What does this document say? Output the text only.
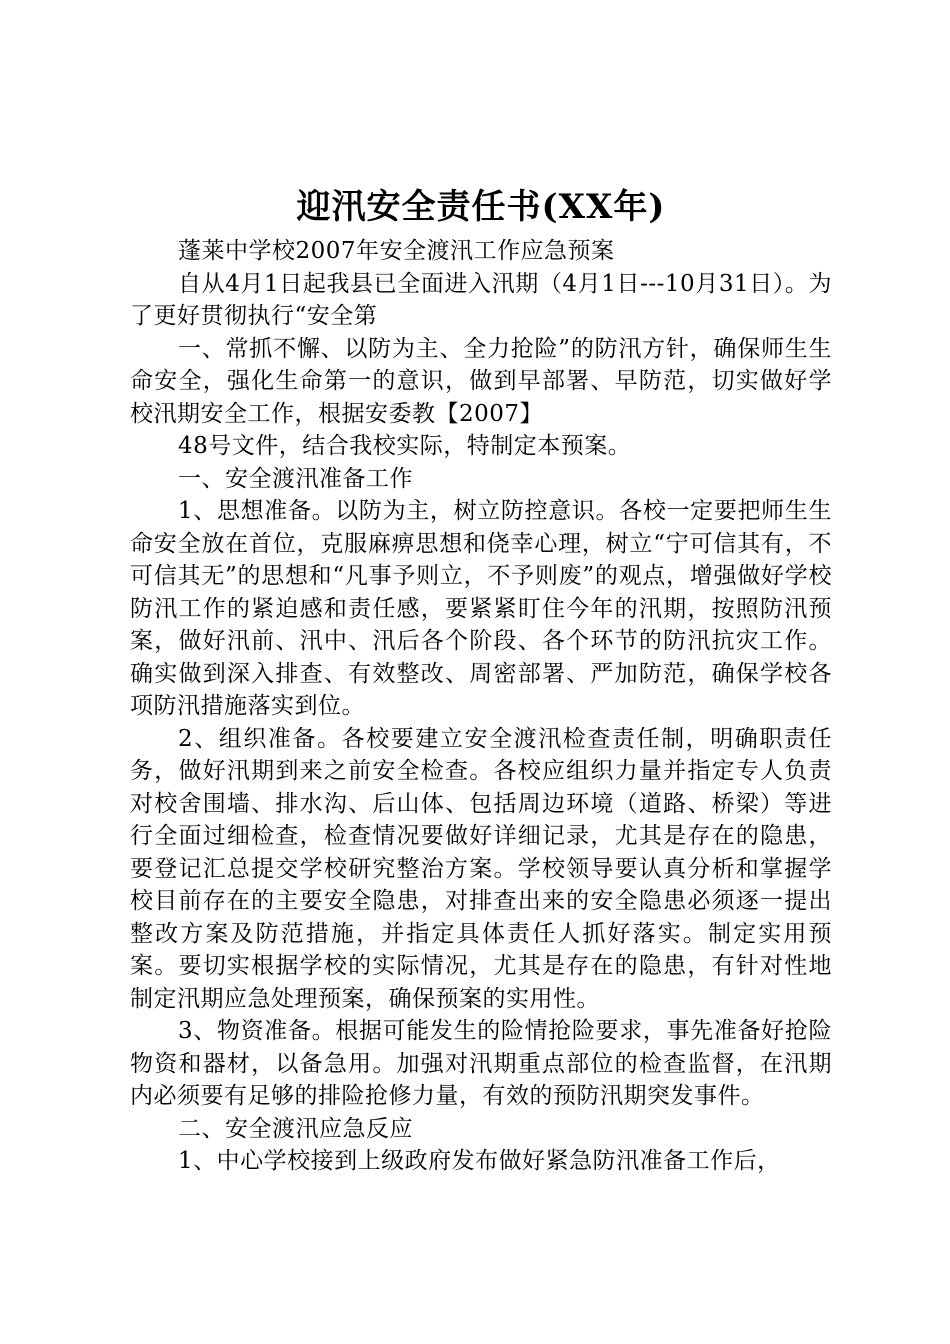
迎汛安全责任书(XX年)

蓬莱中学校2007年安全渡汛工作应急预案

自从4月1日起我县已全面进入汛期（4月1日---10月31日）。为了更好贯彻执行“安全第

一、常抓不懈、以防为主、全力抢险”的防汛方针，确保师生生命安全，强化生命第一的意识，做到早部署、早防范，切实做好学校汛期安全工作，根据安委教【2007】

48号文件，结合我校实际，特制定本预案。

一、安全渡汛准备工作

1、思想准备。以防为主，树立防控意识。各校一定要把师生生命安全放在首位，克服麻痹思想和侥幸心理，树立“宁可信其有，不可信其无”的思想和“凡事予则立，不予则废”的观点，增强做好学校防汛工作的紧迫感和责任感，要紧紧盯住今年的汛期，按照防汛预案，做好汛前、汛中、汛后各个阶段、各个环节的防汛抗灾工作。确实做到深入排查、有效整改、周密部署、严加防范，确保学校各项防汛措施落实到位。

2、组织准备。各校要建立安全渡汛检查责任制，明确职责任务，做好汛期到来之前安全检查。各校应组织力量并指定专人负责对校舍围墙、排水沟、后山体、包括周边环境（道路、桥梁）等进行全面过细检查，检查情况要做好详细记录，尤其是存在的隐患，要登记汇总提交学校研究整治方案。学校领导要认真分析和掌握学校目前存在的主要安全隐患，对排查出来的安全隐患必须逐一提出整改方案及防范措施，并指定具体责任人抓好落实。制定实用预案。要切实根据学校的实际情况，尤其是存在的隐患，有针对性地制定汛期应急处理预案，确保预案的实用性。

3、物资准备。根据可能发生的险情抢险要求，事先准备好抢险物资和器材，以备急用。加强对汛期重点部位的检查监督，在汛期内必须要有足够的排险抢修力量，有效的预防汛期突发事件。

二、安全渡汛应急反应

1、中心学校接到上级政府发布做好紧急防汛准备工作后，
